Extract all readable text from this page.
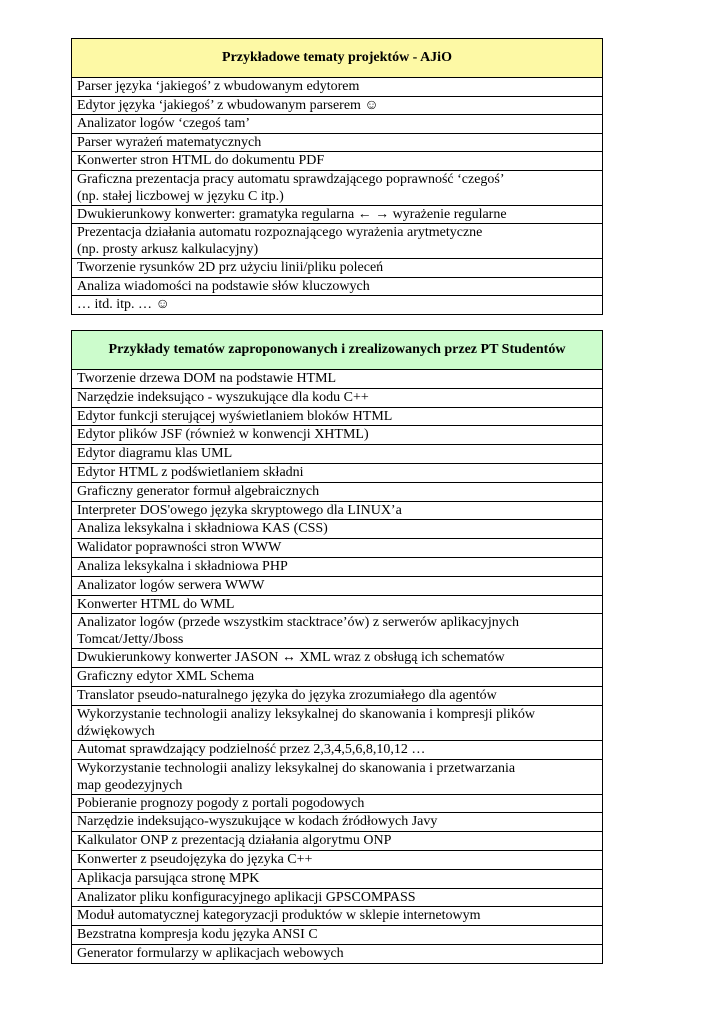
Przykładowe tematy projektów - AJiO
Parser języka ‘jakiegoś’ z wbudowanym edytorem
Edytor języka ‘jakiegoś’ z wbudowanym parserem ☺
Analizator logów ‘czegoś tam’
Parser wyrażeń matematycznych
Konwerter stron HTML do dokumentu PDF
Graficzna prezentacja pracy automatu sprawdzającego poprawność ‘czegoś’
(np. stałej liczbowej w języku C itp.)
Dwukierunkowy konwerter: gramatyka regularna ← → wyrażenie regularne
Prezentacja działania automatu rozpoznającego wyrażenia arytmetyczne
(np. prosty arkusz kalkulacyjny)
Tworzenie rysunków 2D prz użyciu linii/pliku poleceń
Analiza wiadomości na podstawie słów kluczowych
… itd. itp. … ☺
Przykłady tematów zaproponowanych i zrealizowanych przez PT Studentów
Tworzenie drzewa DOM na podstawie HTML
Narzędzie indeksująco - wyszukujące dla kodu C++
Edytor funkcji sterującej wyświetlaniem bloków HTML
Edytor plików JSF (również w konwencji XHTML)
Edytor diagramu klas UML
Edytor HTML z podświetlaniem składni
Graficzny generator formuł algebraicznych
Interpreter DOS'owego języka skryptowego dla LINUX’a
Analiza leksykalna i składniowa KAS (CSS)
Walidator poprawności stron WWW
Analiza leksykalna i składniowa PHP
Analizator logów serwera WWW
Konwerter HTML do WML
Analizator logów (przede wszystkim stacktrace’ów) z serwerów aplikacyjnych
Tomcat/Jetty/Jboss
Dwukierunkowy konwerter JASON ↔ XML wraz z obsługą ich schematów
Graficzny edytor XML Schema
Translator pseudo-naturalnego języka do języka zrozumiałego dla agentów
Wykorzystanie technologii analizy leksykalnej do skanowania i kompresji plików
dźwiękowych
Automat sprawdzający podzielność przez 2,3,4,5,6,8,10,12 …
Wykorzystanie technologii analizy leksykalnej do skanowania i przetwarzania
map geodezyjnych
Pobieranie prognozy pogody z portali pogodowych
Narzędzie indeksująco-wyszukujące w kodach źródłowych Javy
Kalkulator ONP z prezentacją działania algorytmu ONP
Konwerter z pseudojęzyka do języka C++
Aplikacja parsująca stronę MPK
Analizator pliku konfiguracyjnego aplikacji GPSCOMPASS
Moduł automatycznej kategoryzacji produktów w sklepie internetowym
Bezstratna kompresja kodu języka ANSI C
Generator formularzy w aplikacjach webowych
